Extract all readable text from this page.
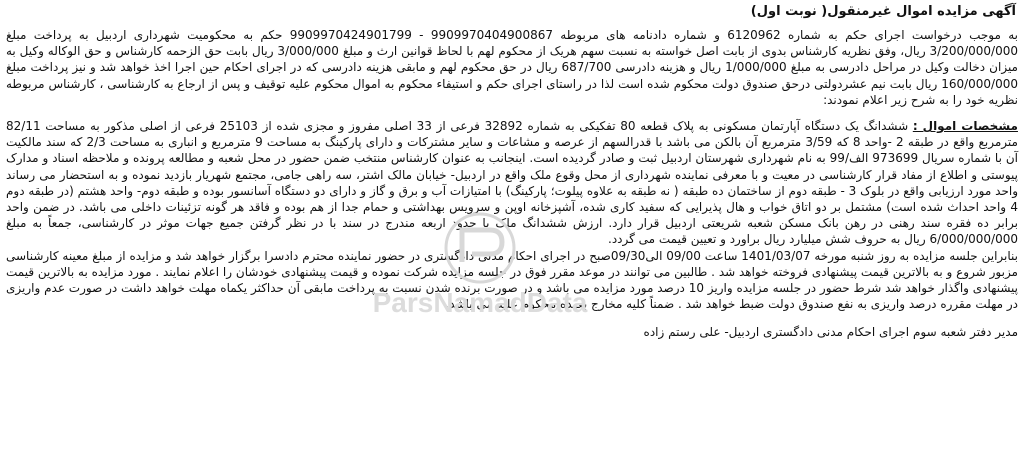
آگهی مزایده اموال غیرمنقول( نوبت اول)

به موجب درخواست اجرای حکم به شماره 6120962 و شماره دادنامه های مربوطه 9909970404900867 - 9909970424901799 حکم به محکومیت شهرداری اردبیل به پرداخت مبلغ 3/200/000/000 ریال، وفق نظریه کارشناس بدوی از بابت اصل خواسته به نسبت سهم هریک از محکوم لهم با لحاظ قوانین ارث و مبلغ 3/000/000 ریال بابت حق الزحمه کارشناس و حق الوکاله وکیل به میزان دخالت وکیل در مراحل دادرسی به مبلغ 1/000/000 ریال و هزینه دادرسی 687/700 ریال در حق محکوم لهم و مابقی هزینه دادرسی که در اجرای احکام حین اجرا اخذ خواهد شد و نیز پرداخت مبلغ 160/000/000 ریال بابت نیم عشردولتی درحق صندوق دولت محکوم شده است لذا در راستای اجرای حکم و استیفاء محکوم به اموال محکوم علیه توقیف و پس از ارجاع به کارشناسی ، کارشناس مربوطه نظریه خود را به شرح زیر اعلام نمودند:

مشخصات اموال : ششدانگ یک دستگاه آپارتمان مسکونی به پلاک قطعه 80 تفکیکی به شماره 32892 فرعی از 33 اصلی مفروز و مجزی شده از 25103 فرعی از اصلی مذکور به مساحت 82/11 مترمربع واقع در طبقه 2 -واحد 8 که 3/59 مترمربع آن بالکن می باشد با قدرالسهم از عرصه و مشاعات و سایر مشترکات و دارای پارکینگ به مساحت 9 مترمربع و انباری به مساحت 2/3 که سند مالکیت آن با شماره سریال 973699 الف/99 به نام شهرداری شهرستان اردبیل ثبت و صادر گردیده است. اینجانب به عنوان کارشناس منتخب ضمن حضور در محل شعبه و مطالعه پرونده و ملاحظه اسناد و مدارک پیوستی و اطلاع از مفاد قرار کارشناسی در معیت و با معرفی نماینده شهرداری از محل وقوع ملک واقع در اردبیل- خیابان مالک اشتر، سه راهی جامی، مجتمع شهریار بازدید نموده و به استحضار می رساند واحد مورد ارزیابی واقع در بلوک 3 - طبقه دوم از ساختمان ده طبقه ( نه طبقه به علاوه پیلوت؛ پارکینگ) با امتیازات آب و برق و گاز و دارای دو دستگاه آسانسور بوده و طبقه دوم- واحد هشتم (در طبقه دوم 4 واحد احداث شده است) مشتمل بر دو اتاق خواب و هال پذیرایی که سفید کاری شده، آشپزخانه اوپن و سرویس بهداشتی و حمام جدا از هم بوده و فاقد هر گونه تزئینات داخلی می باشد. در ضمن واحد برابر ده فقره سند رهنی در رهن بانک مسکن شعبه شریعتی اردبیل قرار دارد. ارزش ششدانگ ملک با حدود اربعه مندرج در سند با در نظر گرفتن جمیع جهات موثر در کارشناسی، جمعاً به مبلغ 6/000/000/000 ریال به حروف شش میلیارد ریال براورد و تعیین قیمت می گردد.

بنابراین جلسه مزایده به روز شنبه مورخه 1401/03/07 ساعت 09/00 الی09/30صبح در اجرای احکام مدنی دادگستری در حضور نماینده محترم دادسرا برگزار خواهد شد و مزایده از مبلغ معینه کارشناسی مزبور شروع و به بالاترین قیمت پیشنهادی فروخته خواهد شد . طالبین می توانند در موعد مقرر فوق در جلسه مزایده شرکت نموده و قیمت پیشنهادی خودشان را اعلام نمایند . مورد مزایده به بالاترین قیمت پیشنهادی واگذار خواهد شد شرط حضور در جلسه مزایده واریز 10 درصد مورد مزایده می باشد و در صورت برنده شدن نسبت به پرداخت مابقی آن حداکثر یکماه مهلت خواهد داشت در صورت عدم واریزی در مهلت مقرره درصد واریزی به نفع صندوق دولت ضبط خواهد شد . ضمناً کلیه مخارج بعهده محکوم علیه می باشد.

مدیر دفتر شعبه سوم اجرای احکام مدنی دادگستری اردبیل- علی رستم زاده
ParsNamadData
